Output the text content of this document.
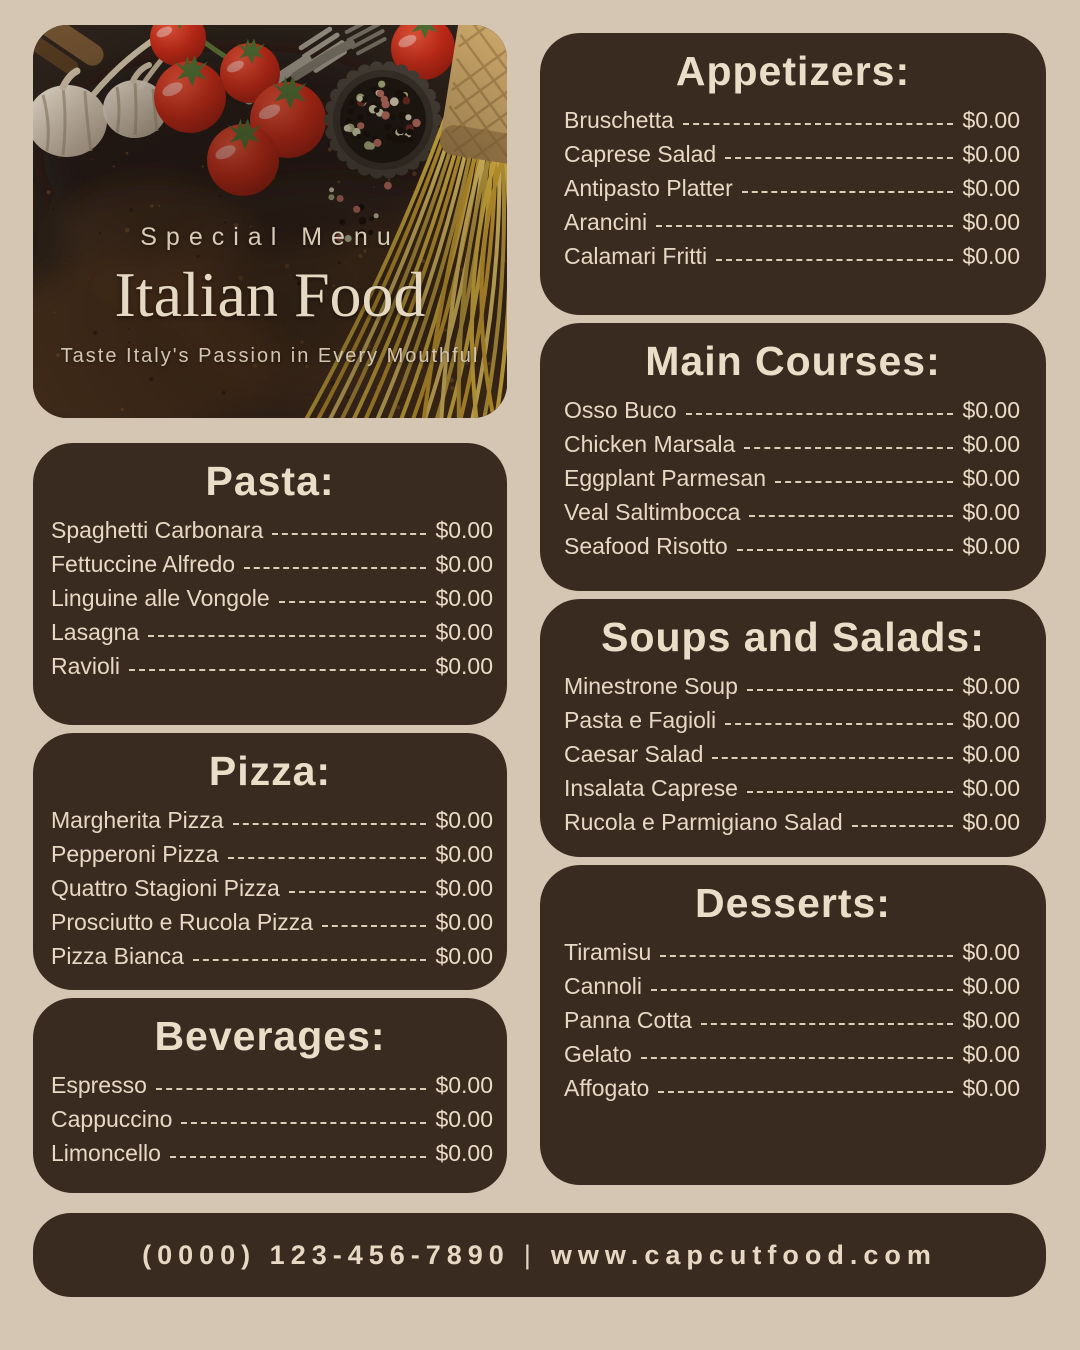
Special Menu
Italian Food
Taste Italy's Passion in Every Mouthful
Pasta:
Spaghetti Carbonara	$0.00
Fettuccine Alfredo	$0.00
Linguine alle Vongole	$0.00
Lasagna	$0.00
Ravioli	$0.00
Pizza:
Margherita Pizza	$0.00
Pepperoni Pizza	$0.00
Quattro Stagioni Pizza	$0.00
Prosciutto e Rucola Pizza	$0.00
Pizza Bianca	$0.00
Beverages:
Espresso	$0.00
Cappuccino	$0.00
Limoncello	$0.00
Appetizers:
Bruschetta	$0.00
Caprese Salad	$0.00
Antipasto Platter	$0.00
Arancini	$0.00
Calamari Fritti	$0.00
Main Courses:
Osso Buco	$0.00
Chicken Marsala	$0.00
Eggplant Parmesan	$0.00
Veal Saltimbocca	$0.00
Seafood Risotto	$0.00
Soups and Salads:
Minestrone Soup	$0.00
Pasta e Fagioli	$0.00
Caesar Salad	$0.00
Insalata Caprese	$0.00
Rucola e Parmigiano Salad	$0.00
Desserts:
Tiramisu	$0.00
Cannoli	$0.00
Panna Cotta	$0.00
Gelato	$0.00
Affogato	$0.00
(0000) 123-456-7890 | www.capcutfood.com
